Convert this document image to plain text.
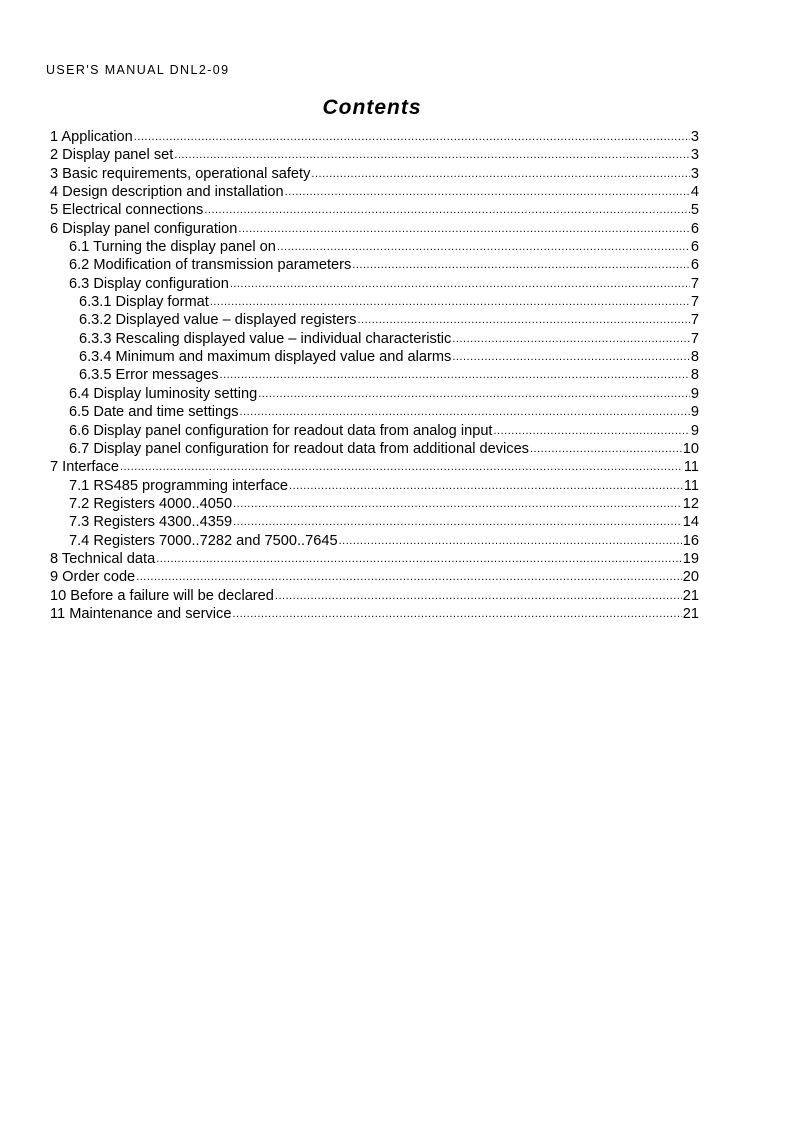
USER'S MANUAL DNL2-09
Contents
1 Application .....	3
2 Display panel set .....	3
3 Basic requirements, operational safety .....	3
4 Design description and installation .....	4
5 Electrical connections .....	5
6 Display panel configuration .....	6
6.1 Turning the display panel on .....	6
6.2 Modification of transmission parameters .....	6
6.3 Display configuration .....	7
6.3.1 Display format .....	7
6.3.2 Displayed value – displayed registers .....	7
6.3.3 Rescaling displayed value – individual characteristic .....	7
6.3.4 Minimum and maximum displayed value and alarms .....	8
6.3.5 Error messages .....	8
6.4 Display luminosity setting .....	9
6.5 Date and time settings .....	9
6.6 Display panel configuration for readout data from analog input .....	9
6.7 Display panel configuration for readout data from additional devices .....	10
7 Interface .....	11
7.1 RS485 programming interface .....	11
7.2 Registers 4000..4050 .....	12
7.3 Registers 4300..4359 .....	14
7.4 Registers 7000..7282 and 7500..7645 .....	16
8 Technical data .....	19
9 Order code .....	20
10 Before a failure will be declared .....	21
11 Maintenance and service .....	21
